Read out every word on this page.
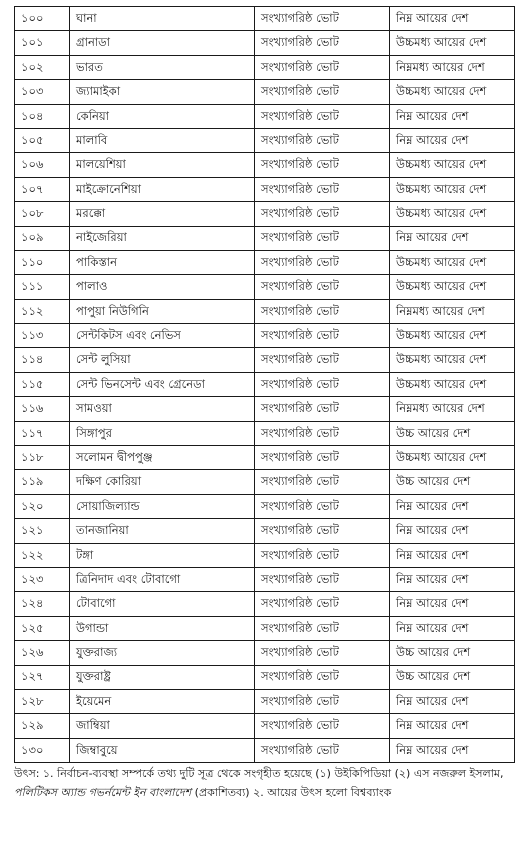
১০০	ঘানা	সংখ্যাগরিষ্ঠ ভোট	নিম্ন আয়ের দেশ
১০১	গ্রানাডা	সংখ্যাগরিষ্ঠ ভোট	উচ্চমধ্য আয়ের দেশ
১০২	ভারত	সংখ্যাগরিষ্ঠ ভোট	নিম্নমধ্য আয়ের দেশ
১০৩	জ্যামাইকা	সংখ্যাগরিষ্ঠ ভোট	উচ্চমধ্য আয়ের দেশ
১০৪	কেনিয়া	সংখ্যাগরিষ্ঠ ভোট	নিম্ন আয়ের দেশ
১০৫	মালাবি	সংখ্যাগরিষ্ঠ ভোট	নিম্ন আয়ের দেশ
১০৬	মালয়েশিয়া	সংখ্যাগরিষ্ঠ ভোট	উচ্চমধ্য আয়ের দেশ
১০৭	মাইক্রোনেশিয়া	সংখ্যাগরিষ্ঠ ভোট	উচ্চমধ্য আয়ের দেশ
১০৮	মরক্কো	সংখ্যাগরিষ্ঠ ভোট	উচ্চমধ্য আয়ের দেশ
১০৯	নাইজেরিয়া	সংখ্যাগরিষ্ঠ ভোট	নিম্ন আয়ের দেশ
১১০	পাকিস্তান	সংখ্যাগরিষ্ঠ ভোট	উচ্চমধ্য আয়ের দেশ
১১১	পালাও	সংখ্যাগরিষ্ঠ ভোট	উচ্চমধ্য আয়ের দেশ
১১২	পাপুয়া নিউগিনি	সংখ্যাগরিষ্ঠ ভোট	নিম্নমধ্য আয়ের দেশ
১১৩	সেন্টকিটস এবং নেভিস	সংখ্যাগরিষ্ঠ ভোট	উচ্চমধ্য আয়ের দেশ
১১৪	সেন্ট লুসিয়া	সংখ্যাগরিষ্ঠ ভোট	উচ্চমধ্য আয়ের দেশ
১১৫	সেন্ট ভিনসেন্ট এবং গ্রেনেডা	সংখ্যাগরিষ্ঠ ভোট	উচ্চমধ্য আয়ের দেশ
১১৬	সামওয়া	সংখ্যাগরিষ্ঠ ভোট	নিম্নমধ্য আয়ের দেশ
১১৭	সিঙ্গাপুর	সংখ্যাগরিষ্ঠ ভোট	উচ্চ আয়ের দেশ
১১৮	সলোমন দ্বীপপুঞ্জ	সংখ্যাগরিষ্ঠ ভোট	উচ্চমধ্য আয়ের দেশ
১১৯	দক্ষিণ কোরিয়া	সংখ্যাগরিষ্ঠ ভোট	উচ্চ আয়ের দেশ
১২০	সোয়াজিল্যান্ড	সংখ্যাগরিষ্ঠ ভোট	নিম্ন আয়ের দেশ
১২১	তানজানিয়া	সংখ্যাগরিষ্ঠ ভোট	নিম্ন আয়ের দেশ
১২২	টঙ্গা	সংখ্যাগরিষ্ঠ ভোট	নিম্ন আয়ের দেশ
১২৩	ত্রিনিদাদ এবং টোবাগো	সংখ্যাগরিষ্ঠ ভোট	নিম্ন আয়ের দেশ
১২৪	টোবাগো	সংখ্যাগরিষ্ঠ ভোট	নিম্ন আয়ের দেশ
১২৫	উগান্ডা	সংখ্যাগরিষ্ঠ ভোট	নিম্ন আয়ের দেশ
১২৬	যুক্তরাজ্য	সংখ্যাগরিষ্ঠ ভোট	উচ্চ আয়ের দেশ
১২৭	যুক্তরাষ্ট্র	সংখ্যাগরিষ্ঠ ভোট	উচ্চ আয়ের দেশ
১২৮	ইয়েমেন	সংখ্যাগরিষ্ঠ ভোট	নিম্ন আয়ের দেশ
১২৯	জাম্বিয়া	সংখ্যাগরিষ্ঠ ভোট	নিম্ন আয়ের দেশ
১৩০	জিম্বাবুয়ে	সংখ্যাগরিষ্ঠ ভোট	নিম্ন আয়ের দেশ
উৎস: ১. নির্বাচন-ব্যবস্থা সম্পর্কে তথ্য দুটি সূত্র থেকে সংগৃহীত হয়েছে (১) উইকিপিডিয়া (২) এস নজরুল ইসলাম, পলিটিকস অ্যান্ড গভর্নমেন্ট ইন বাংলাদেশ (প্রকাশিতব্য) ২. আয়ের উৎস হলো বিশ্বব্যাংক
